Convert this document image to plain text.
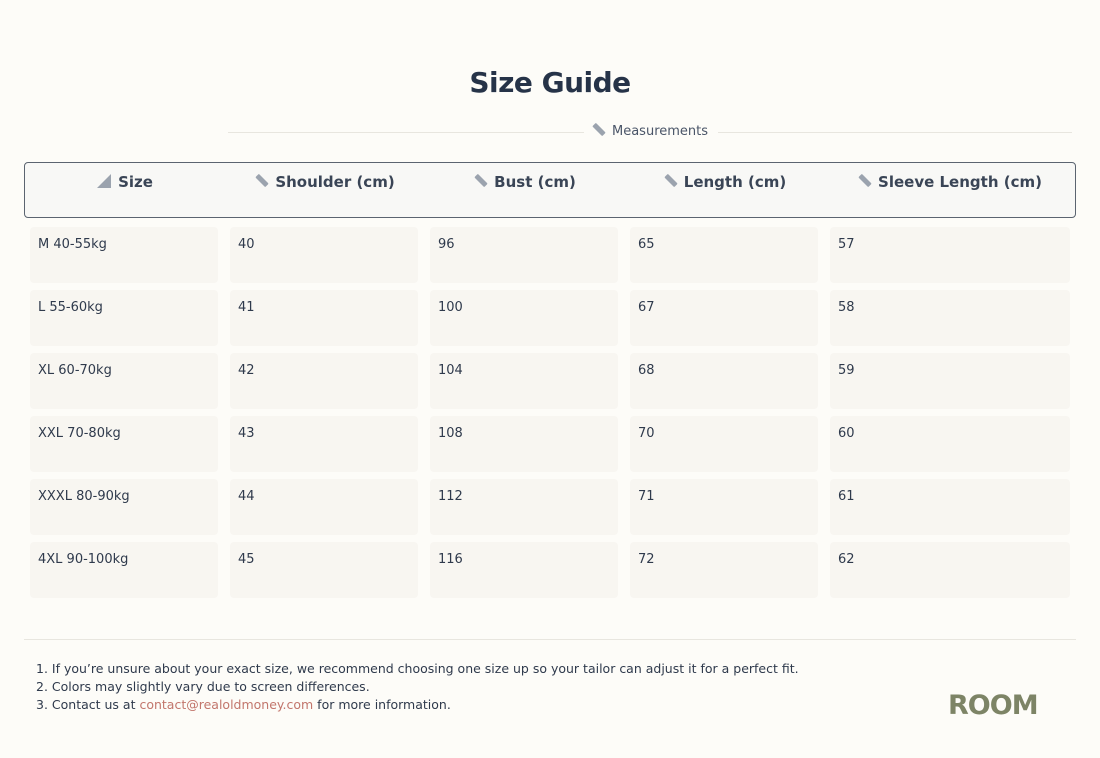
Size Guide
Measurements
Size	Shoulder (cm)	Bust (cm)	Length (cm)	Sleeve Length (cm)
M 40-55kg	40	96	65	57
L 55-60kg	41	100	67	58
XL 60-70kg	42	104	68	59
XXL 70-80kg	43	108	70	60
XXXL 80-90kg	44	112	71	61
4XL 90-100kg	45	116	72	62
1. If you’re unsure about your exact size, we recommend choosing one size up so your tailor can adjust it for a perfect fit.
2. Colors may slightly vary due to screen differences.
3. Contact us at contact@realoldmoney.com for more information.	ROOM
